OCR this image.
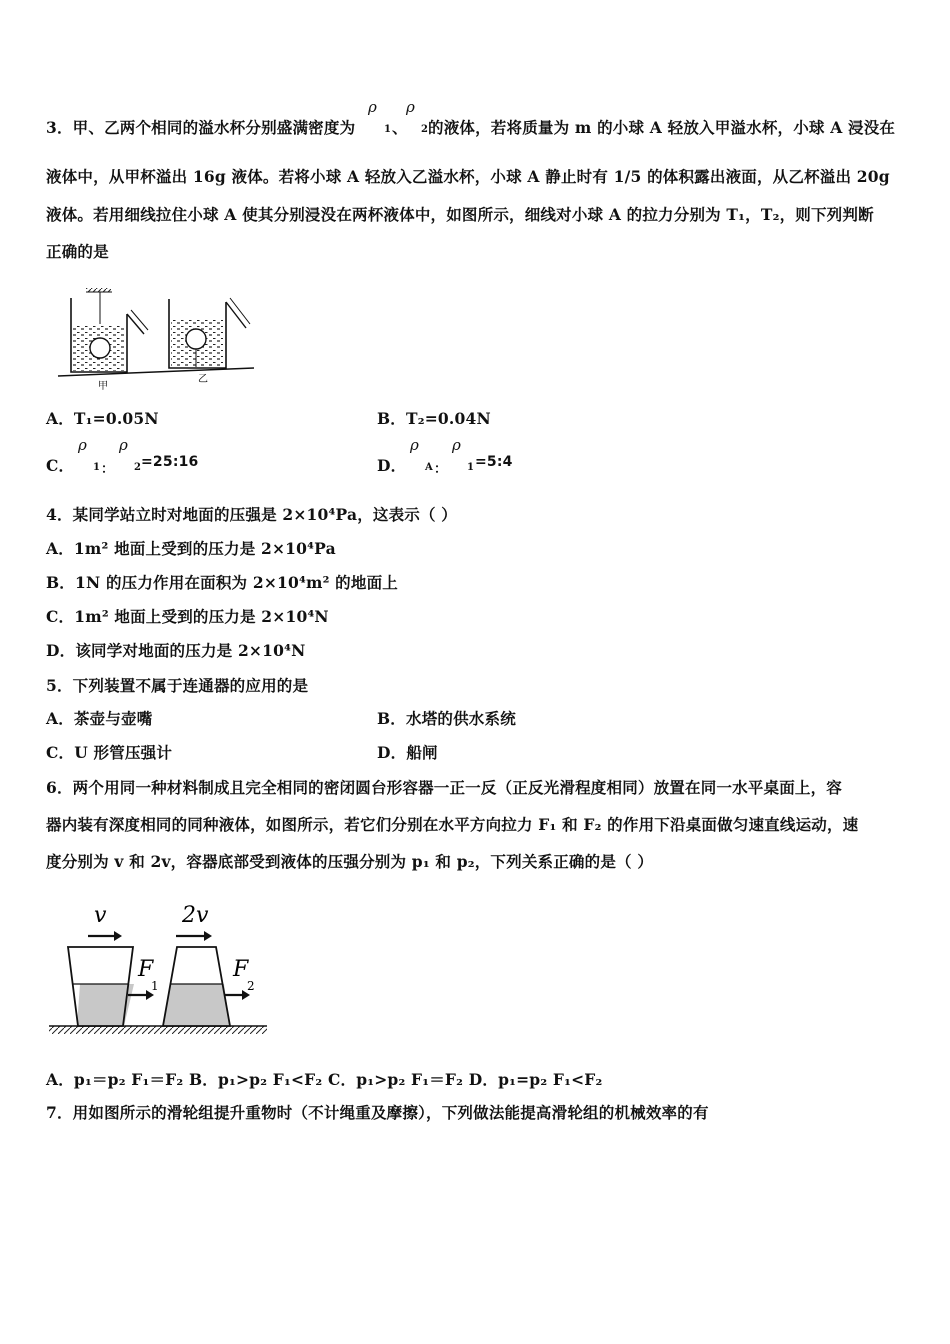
3．甲、乙两个相同的溢水杯分别盛满密度为
ρ
1 、
ρ
2 的液体，若将质量为 m 的小球 A 轻放入甲溢水杯，小球 A 浸没在
液体中，从甲杯溢出 16g 液体。若将小球 A 轻放入乙溢水杯，小球 A 静止时有 1/5 的体积露出液面，从乙杯溢出 20g
液体。若用细线拉住小球 A 使其分别浸没在两杯液体中，如图所示，细线对小球 A 的拉力分别为 T₁，T₂，则下列判断
正确的是
甲
乙
A．T₁=0.05N	B．T₂=0.04N
C．
ρ
1 ：
ρ
2 =25:16	D．
ρ
A ：
ρ
1 =5:4
4．某同学站立时对地面的压强是 2×10⁴Pa，这表示（ ）
A．1m² 地面上受到的压力是 2×10⁴Pa
B．1N 的压力作用在面积为 2×10⁴m² 的地面上
C．1m² 地面上受到的压力是 2×10⁴N
D．该同学对地面的压力是 2×10⁴N
5．下列装置不属于连通器的应用的是
A．茶壶与壶嘴	B．水塔的供水系统
C．U 形管压强计	D．船闸
6．两个用同一种材料制成且完全相同的密闭圆台形容器一正一反（正反光滑程度相同）放置在同一水平桌面上，容
器内装有深度相同的同种液体，如图所示，若它们分别在水平方向拉力 F₁ 和 F₂ 的作用下沿桌面做匀速直线运动，速
度分别为 v 和 2v，容器底部受到液体的压强分别为 p₁ 和 p₂，下列关系正确的是（ ）
v
F
1
2v
F
2
A．p₁＝p₂ F₁＝F₂ B．p₁>p₂ F₁<F₂ C．p₁>p₂ F₁＝F₂ D．p₁=p₂ F₁<F₂
7．用如图所示的滑轮组提升重物时（不计绳重及摩擦），下列做法能提高滑轮组的机械效率的有
